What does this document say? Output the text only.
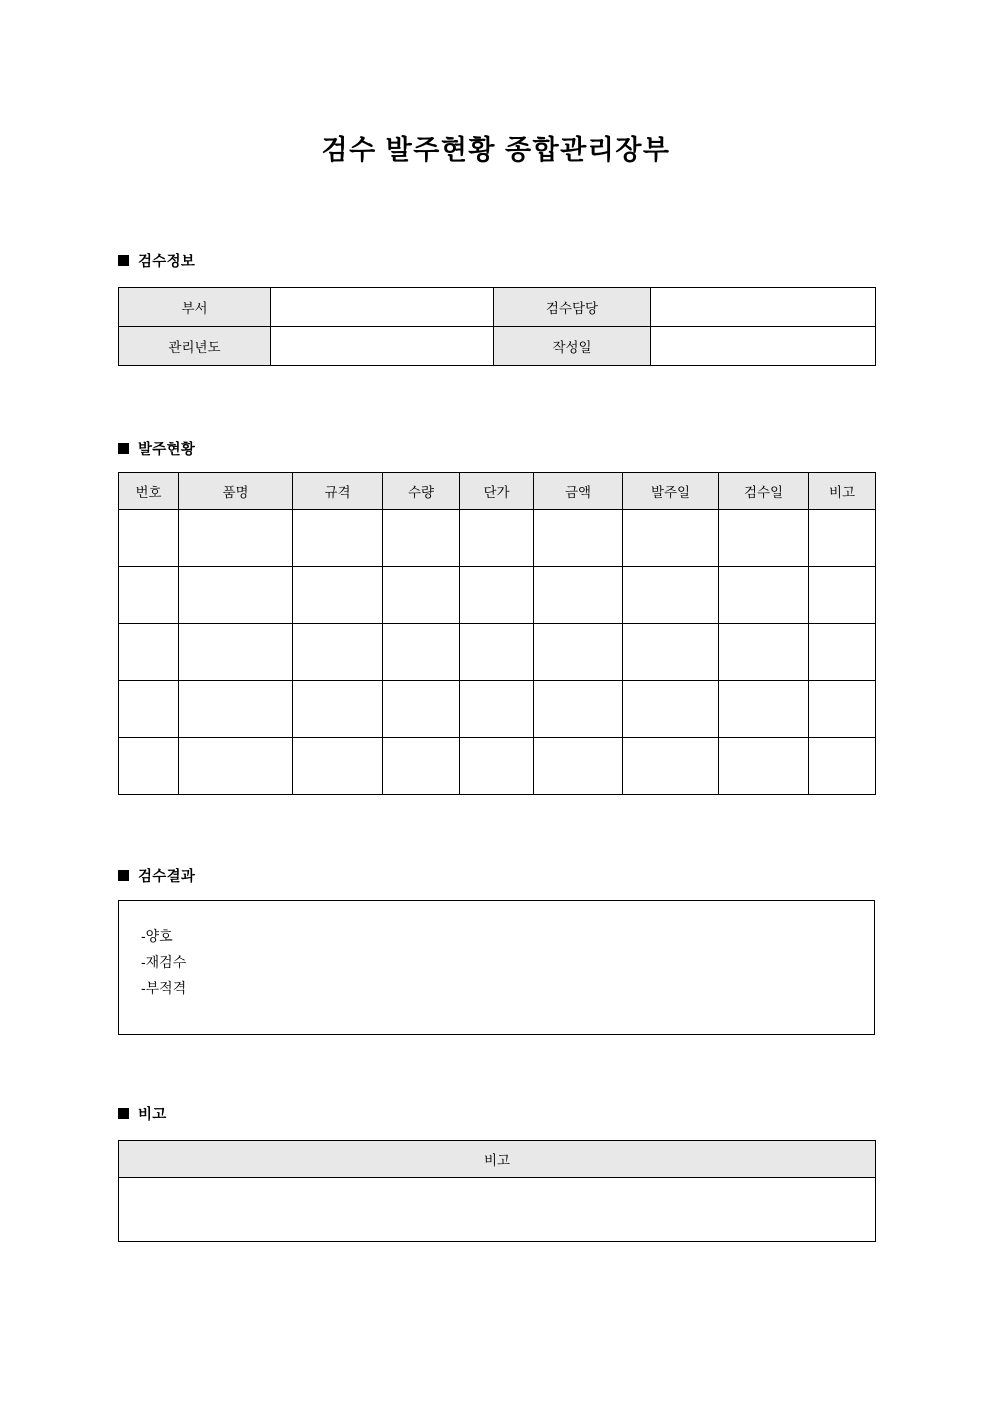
검수 발주현황 종합관리장부
검수정보
부서		검수담당	
관리년도		작성일	
발주현황
번호	품명	규격	수량	단가	금액	발주일	검수일	비고

검수결과
-양호
-재검수
-부적격
비고
비고
